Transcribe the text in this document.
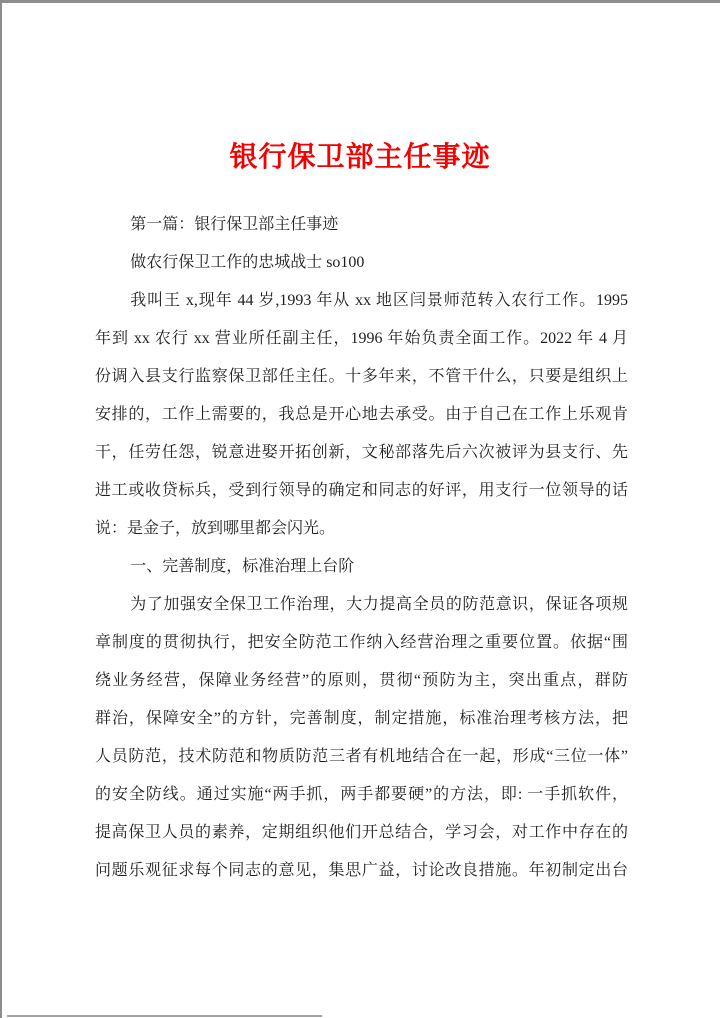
银行保卫部主任事迹
第一篇：银行保卫部主任事迹
做农行保卫工作的忠城战士 so100
我叫王 x,现年 44 岁,1993 年从 xx 地区闫景师范转入农行工作。1995
年到 xx 农行 xx 营业所任副主任，1996 年始负责全面工作。2022 年 4 月
份调入县支行监察保卫部任主任。十多年来，不管干什么，只要是组织上
安排的，工作上需要的，我总是开心地去承受。由于自己在工作上乐观肯
干，任劳任怨，锐意进娶开拓创新，文秘部落先后六次被评为县支行、先
进工或收贷标兵，受到行领导的确定和同志的好评，用支行一位领导的话
说：是金子，放到哪里都会闪光。
一、完善制度，标准治理上台阶
为了加强安全保卫工作治理，大力提高全员的防范意识，保证各项规
章制度的贯彻执行，把安全防范工作纳入经营治理之重要位置。依据“围
绕业务经营，保障业务经营”的原则，贯彻“预防为主，突出重点，群防
群治，保障安全”的方针，完善制度，制定措施，标准治理考核方法，把
人员防范，技术防范和物质防范三者有机地结合在一起，形成“三位一体”
的安全防线。通过实施“两手抓，两手都要硬”的方法，即: 一手抓软件，
提高保卫人员的素养，定期组织他们开总结合，学习会，对工作中存在的
问题乐观征求每个同志的意见，集思广益，讨论改良措施。年初制定出台
